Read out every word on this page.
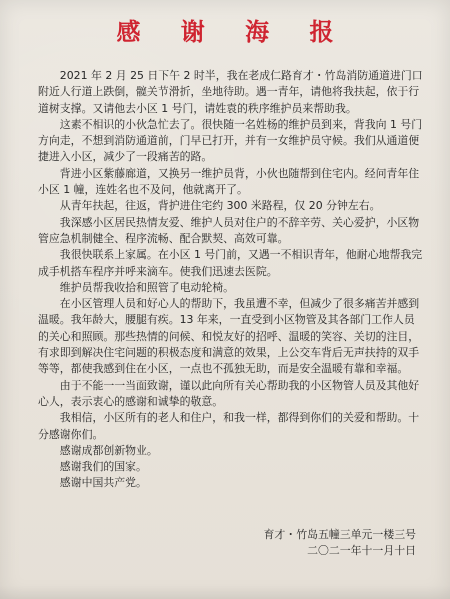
感 谢 海 报

2021 年 2 月 25 日下午 2 时半，我在老成仁路育才・竹岛消防通道进门口附近人行道上跌倒，髋关节滑折，坐地待助。遇一青年，请他将我扶起，依于行道树支撑。又请他去小区 1 号门，请姓袁的秩序维护员来帮助我。

这素不相识的小伙急忙去了。很快随一名姓杨的维护员到来，背我向 1 号门方向走，不想到消防通道前，门早已打开，并有一女维护员守候。我们从通道便捷进入小区，减少了一段痛苦的路。

背进小区紫藤廊道，又换另一维护员背，小伙也随帮到住宅内。经问青年住小区 1 幢，连姓名也不及问，他就离开了。

从青年扶起，往返，背护进住宅约 300 米路程，仅 20 分钟左右。

我深感小区居民热情友爱、维护人员对住户的不辞辛劳、关心爱护，小区物管应急机制健全、程序流畅、配合默契、高效可靠。

我很快联系上家属。在小区 1 号门前，又遇一不相识青年，他耐心地帮我完成手机搭车程序并呼来滴车。使我们迅速去医院。

维护员帮我收拾和照管了电动轮椅。

在小区管理人员和好心人的帮助下，我虽遭不幸，但减少了很多痛苦并感到温暖。我年龄大，腰腿有疾。13 年来，一直受到小区物管及其各部门工作人员的关心和照顾。那些热情的问候、和悦友好的招呼、温暖的笑容、关切的注目，有求即到解决住宅问题的积极态度和满意的效果，上公交车背后无声扶持的双手等等，都使我感到住在小区，一点也不孤独无助，而是安全温暖有靠和幸福。

由于不能一一当面致谢，谨以此向所有关心帮助我的小区物管人员及其他好心人，表示衷心的感谢和诚挚的敬意。

我相信，小区所有的老人和住户，和我一样，都得到你们的关爱和帮助。十分感谢你们。

感谢成都创新物业。

感谢我们的国家。

感谢中国共产党。

育才・竹岛五幢三单元一楼三号
二〇二一年十一月十日
